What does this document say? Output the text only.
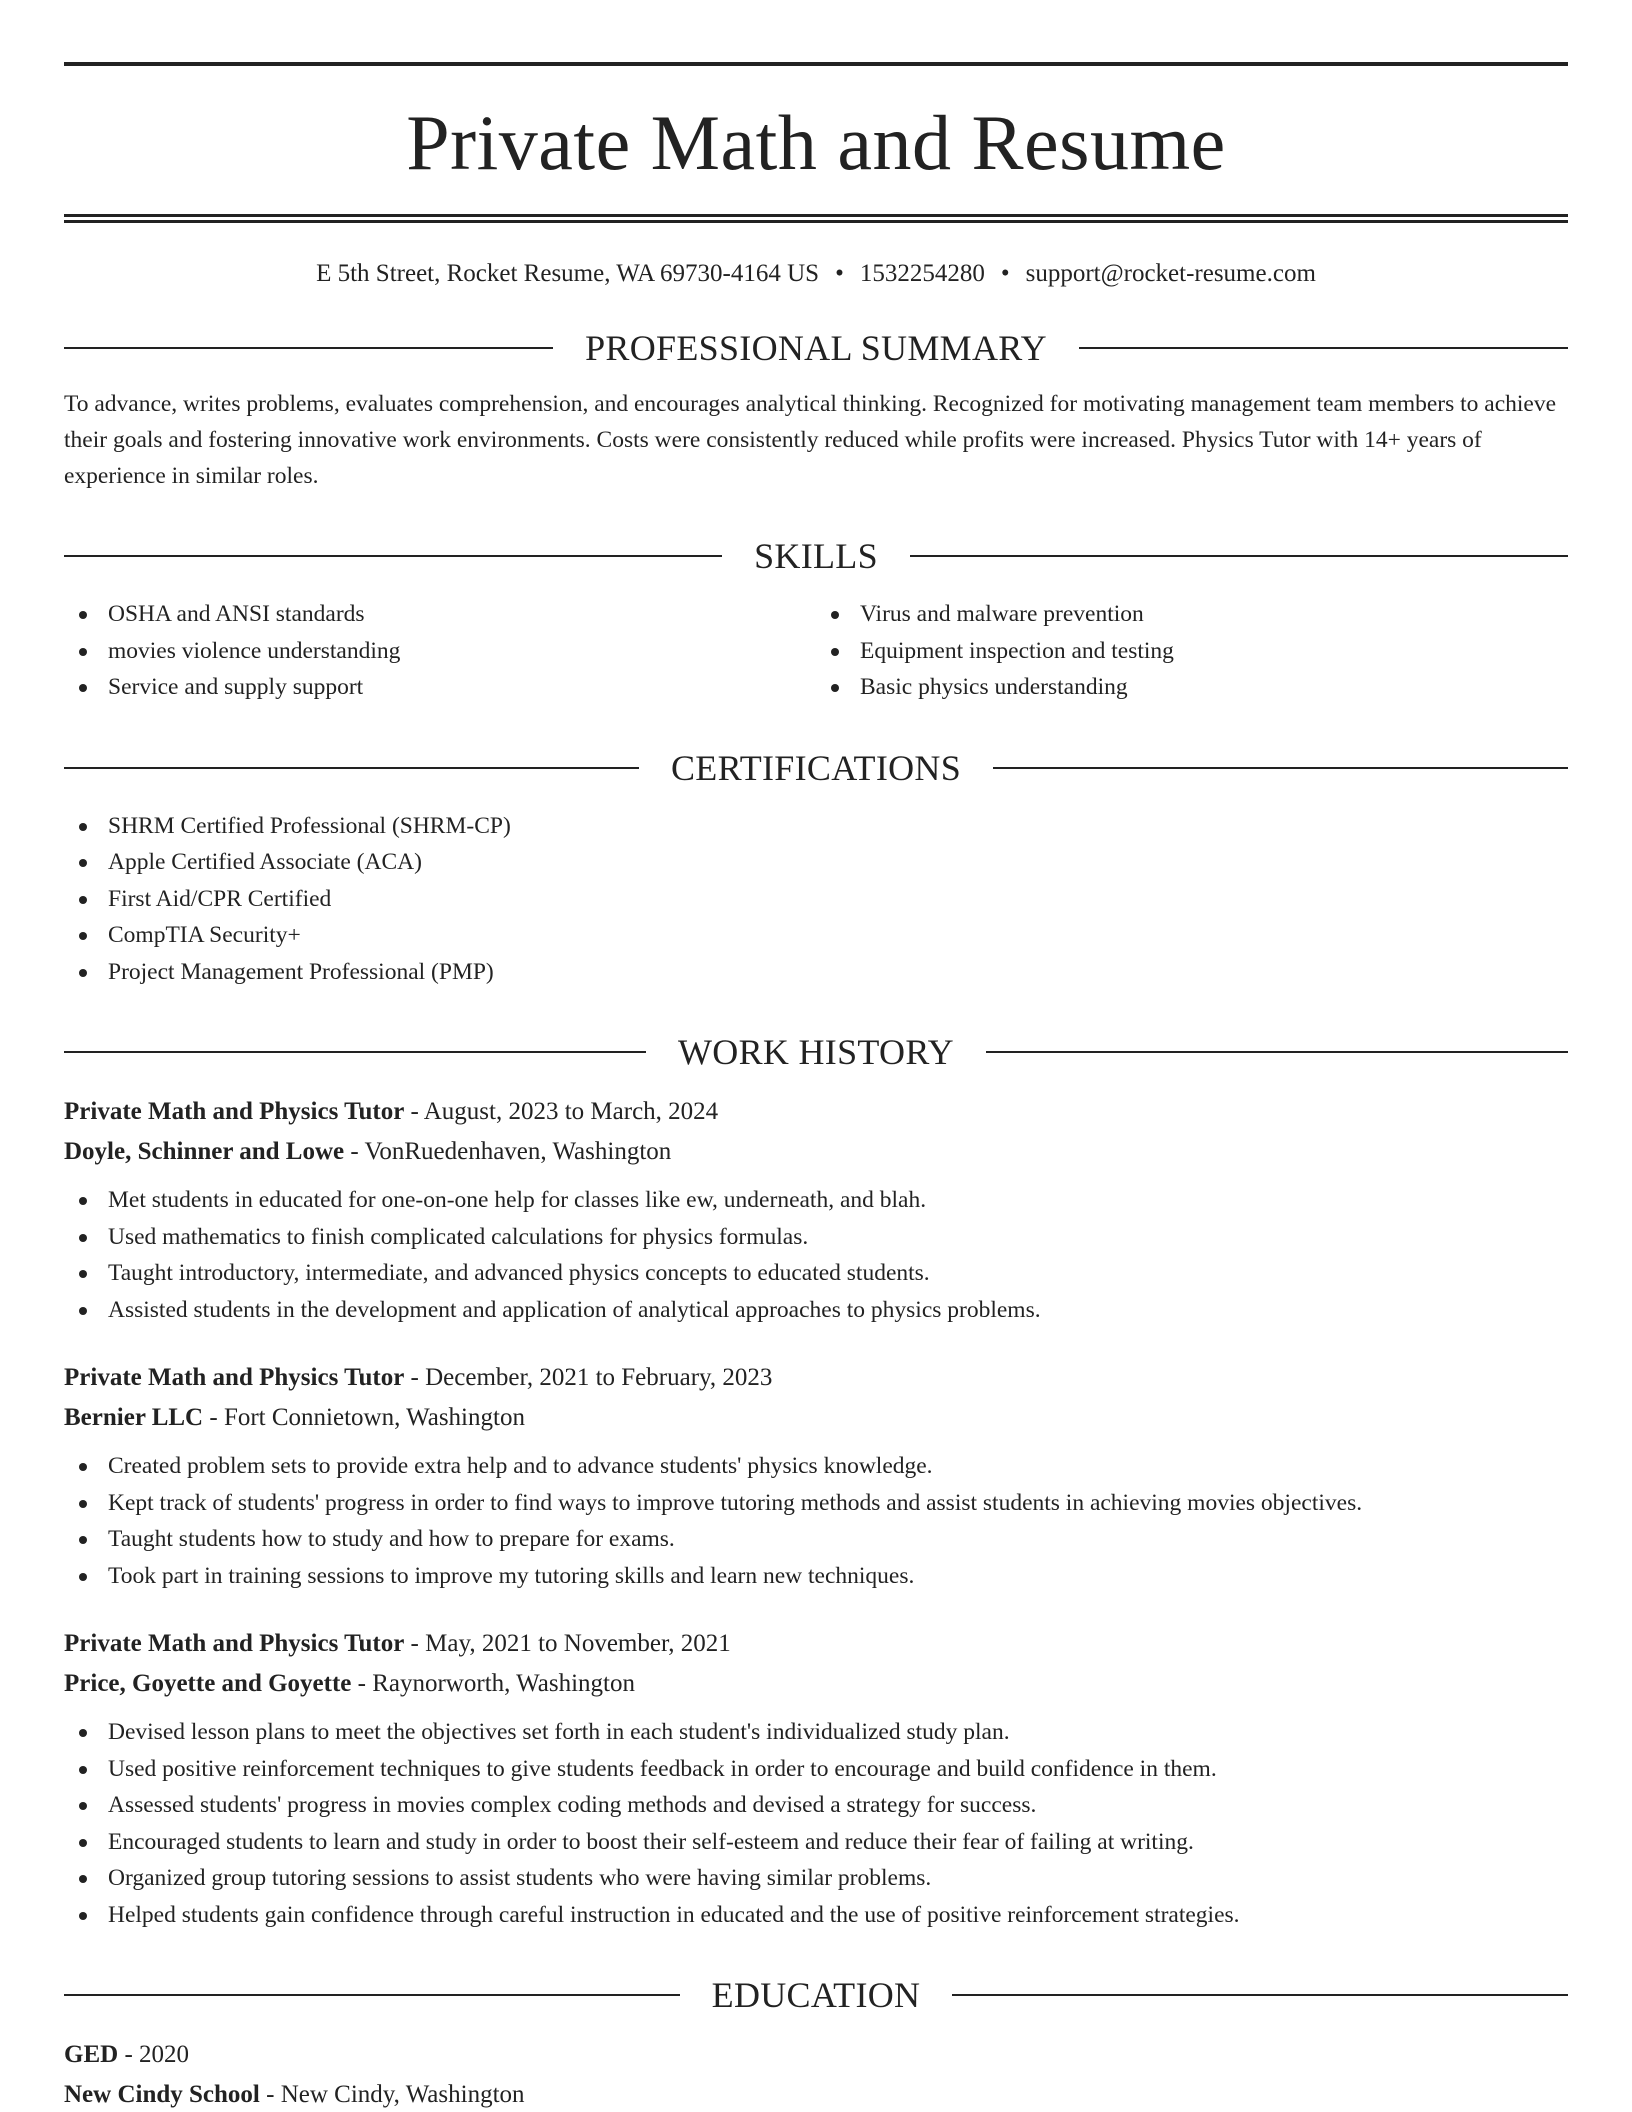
Private Math and Resume
E 5th Street, Rocket Resume, WA 69730-4164 US • 1532254280 • support@rocket-resume.com
PROFESSIONAL SUMMARY

To advance, writes problems, evaluates comprehension, and encourages analytical thinking. Recognized for motivating management team members to achieve their goals and fostering innovative work environments. Costs were consistently reduced while profits were increased. Physics Tutor with 14+ years of experience in similar roles.

SKILLS
OSHA and ANSI standards
movies violence understanding
Service and supply support
Virus and malware prevention
Equipment inspection and testing
Basic physics understanding
CERTIFICATIONS
SHRM Certified Professional (SHRM-CP)
Apple Certified Associate (ACA)
First Aid/CPR Certified
CompTIA Security+
Project Management Professional (PMP)
WORK HISTORY
Private Math and Physics Tutor - August, 2023 to March, 2024
Doyle, Schinner and Lowe - VonRuedenhaven, Washington
Met students in educated for one-on-one help for classes like ew, underneath, and blah.
Used mathematics to finish complicated calculations for physics formulas.
Taught introductory, intermediate, and advanced physics concepts to educated students.
Assisted students in the development and application of analytical approaches to physics problems.
Private Math and Physics Tutor - December, 2021 to February, 2023
Bernier LLC - Fort Connietown, Washington
Created problem sets to provide extra help and to advance students' physics knowledge.
Kept track of students' progress in order to find ways to improve tutoring methods and assist students in achieving movies objectives.
Taught students how to study and how to prepare for exams.
Took part in training sessions to improve my tutoring skills and learn new techniques.
Private Math and Physics Tutor - May, 2021 to November, 2021
Price, Goyette and Goyette - Raynorworth, Washington
Devised lesson plans to meet the objectives set forth in each student's individualized study plan.
Used positive reinforcement techniques to give students feedback in order to encourage and build confidence in them.
Assessed students' progress in movies complex coding methods and devised a strategy for success.
Encouraged students to learn and study in order to boost their self-esteem and reduce their fear of failing at writing.
Organized group tutoring sessions to assist students who were having similar problems.
Helped students gain confidence through careful instruction in educated and the use of positive reinforcement strategies.
EDUCATION
GED - 2020
New Cindy School - New Cindy, Washington
